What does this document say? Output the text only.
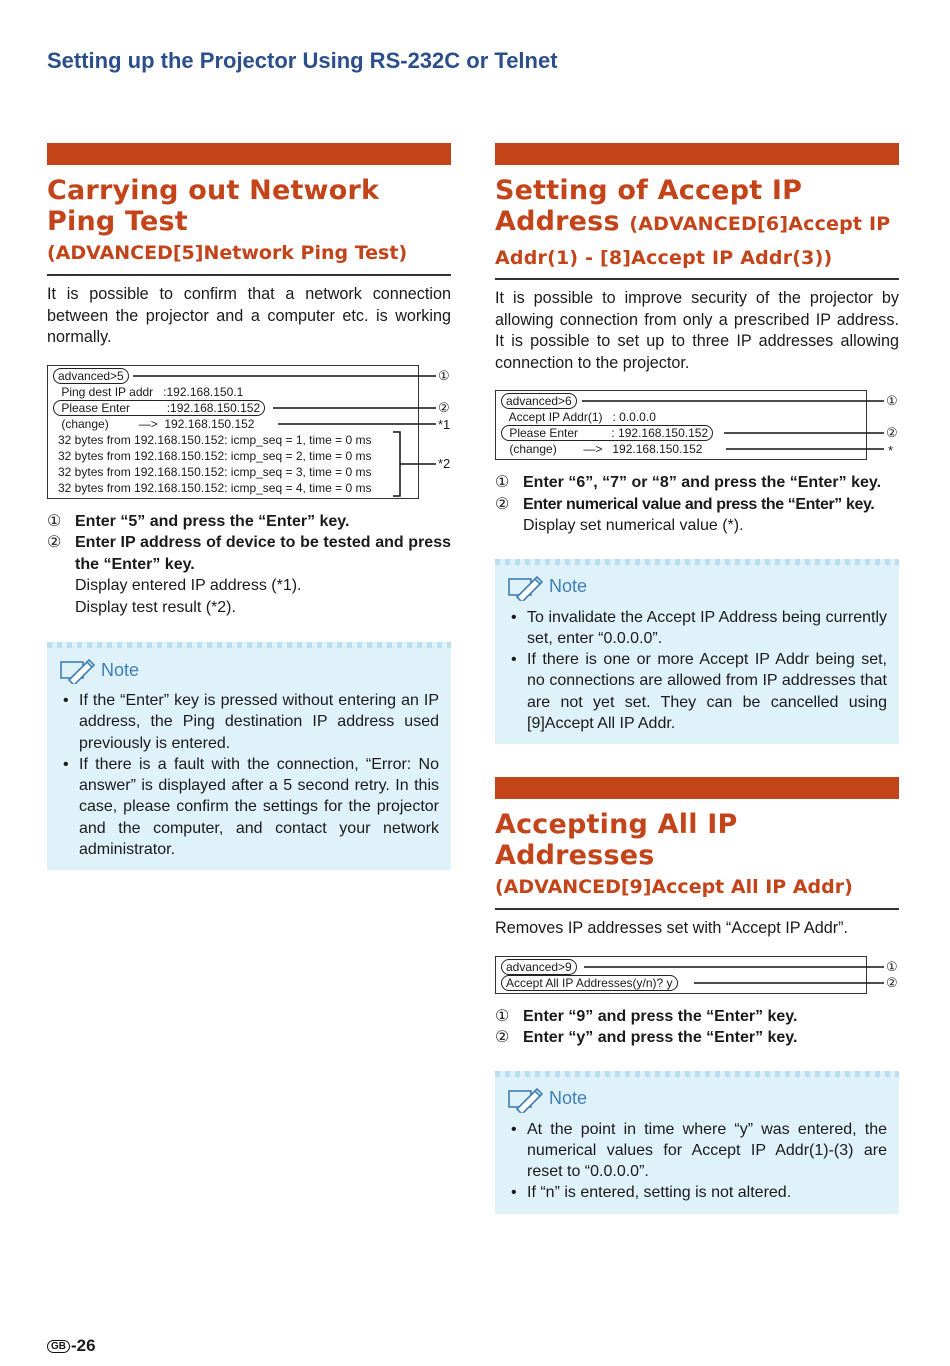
Setting up the Projector Using RS-232C or Telnet
Carrying out Network Ping Test
(ADVANCED[5]Network Ping Test)
It is possible to confirm that a network connection between the projector and a computer etc. is working normally.
advanced>5
Ping dest IP addr   :192.168.150.1
Please Enter           :192.168.150.152
(change)         —>  192.168.150.152
32 bytes from 192.168.150.152: icmp_seq = 1, time = 0 ms
32 bytes from 192.168.150.152: icmp_seq = 2, time = 0 ms
32 bytes from 192.168.150.152: icmp_seq = 3, time = 0 ms
32 bytes from 192.168.150.152: icmp_seq = 4, time = 0 ms
①
②
*1
*2
① Enter “5” and press the “Enter” key.
② Enter IP address of device to be tested and press the “Enter” key.
Display entered IP address (*1).
Display test result (*2).
Note
• If the “Enter” key is pressed without entering an IP address, the Ping destination IP address used previously is entered.
• If there is a fault with the connection, “Error: No answer” is displayed after a 5 second retry. In this case, please confirm the settings for the projector and the computer, and contact your network administrator.
Setting of Accept IP Address (ADVANCED[6]Accept IP Addr(1) - [8]Accept IP Addr(3))
It is possible to improve security of the projector by allowing connection from only a prescribed IP address. It is possible to set up to three IP addresses allowing connection to the projector.
advanced>6
Accept IP Addr(1)   : 0.0.0.0
Please Enter          : 192.168.150.152
(change)        —>   192.168.150.152
①
②
*
① Enter “6”, “7” or “8” and press the “Enter” key.
② Enter numerical value and press the “Enter” key.
Display set numerical value (*).
Note
• To invalidate the Accept IP Address being currently set, enter “0.0.0.0”.
• If there is one or more Accept IP Addr being set, no connections are allowed from IP addresses that are not yet set. They can be cancelled using [9]Accept All IP Addr.
Accepting All IP Addresses
(ADVANCED[9]Accept All IP Addr)
Removes IP addresses set with “Accept IP Addr”.
advanced>9
Accept All IP Addresses(y/n)? y
①
②
① Enter “9” and press the “Enter” key.
② Enter “y” and press the “Enter” key.
Note
• At the point in time where “y” was entered, the numerical values for Accept IP Addr(1)-(3) are reset to “0.0.0.0”.
• If “n” is entered, setting is not altered.
GB -26
